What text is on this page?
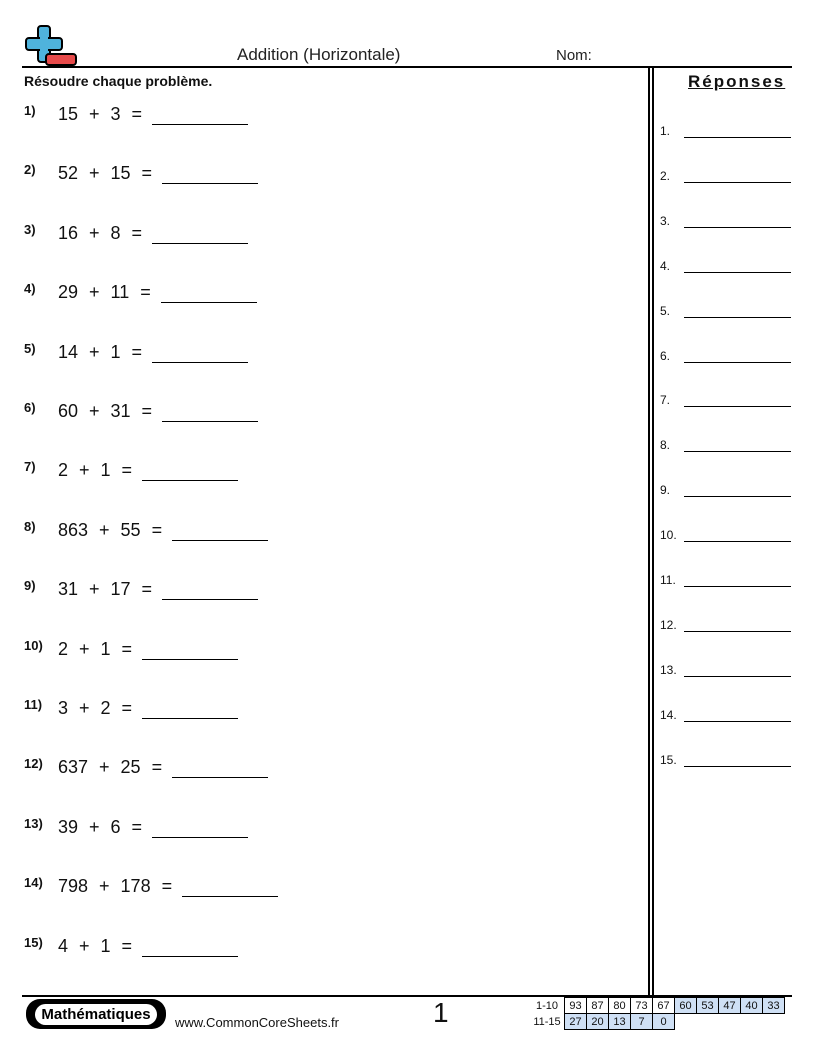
Addition (Horizontale)	Nom:
Résoudre chaque problème.	Réponses
1)	15 + 3 =
2)	52 + 15 =
3)	16 + 8 =
4)	29 + 11 =
5)	14 + 1 =
6)	60 + 31 =
7)	2 + 1 =
8)	863 + 55 =
9)	31 + 17 =
10) 2 + 1 =
11) 3 + 2 =
12) 637 + 25 =
13) 39 + 6 =
14) 798 + 178 =
15) 4 + 1 =
1.
2.
3.
4.
5.
6.
7.
8.
9.
10.
11.
12.
13.
14.
15.
Mathématiques	www.CommonCoreSheets.fr	1	1-10	93	87	80	73	67	60	53	47	40	33
11-15	27	20	13	7	0					
